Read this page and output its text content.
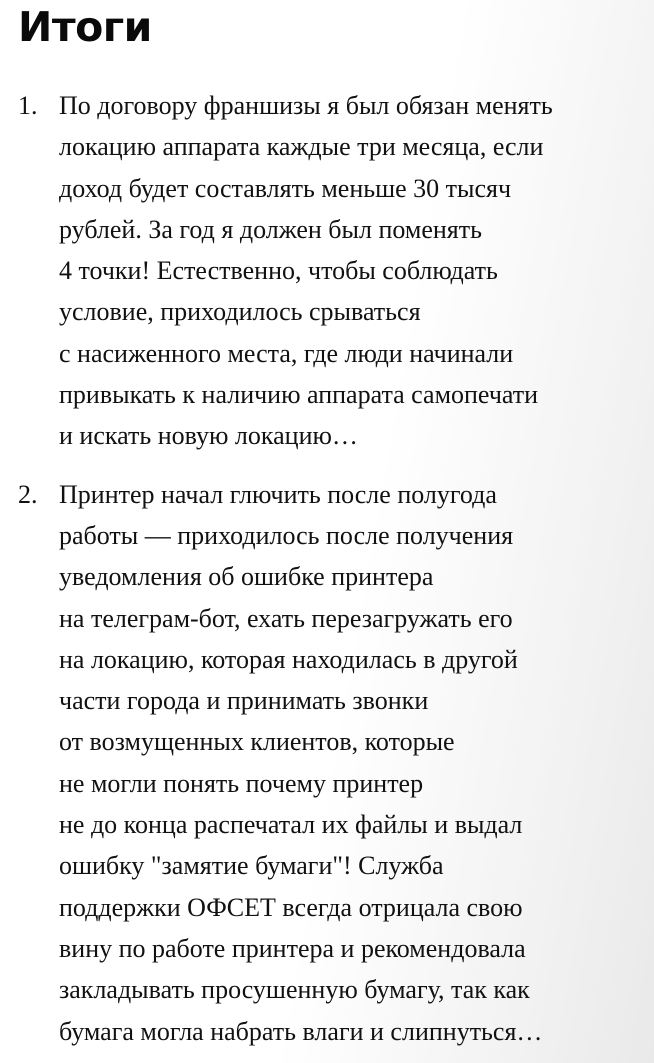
Итоги
1. По договору франшизы я был обязан менять
локацию аппарата каждые три месяца, если
доход будет составлять меньше 30 тысяч
рублей. За год я должен был поменять
4 точки! Естественно, чтобы соблюдать
условие, приходилось срываться
с насиженного места, где люди начинали
привыкать к наличию аппарата самопечати
и искать новую локацию…
2. Принтер начал глючить после полугода
работы — приходилось после получения
уведомления об ошибке принтера
на телеграм-бот, ехать перезагружать его
на локацию, которая находилась в другой
части города и принимать звонки
от возмущенных клиентов, которые
не могли понять почему принтер
не до конца распечатал их файлы и выдал
ошибку "замятие бумаги"! Служба
поддержки ОФСЕТ всегда отрицала свою
вину по работе принтера и рекомендовала
закладывать просушенную бумагу, так как
бумага могла набрать влаги и слипнуться…
